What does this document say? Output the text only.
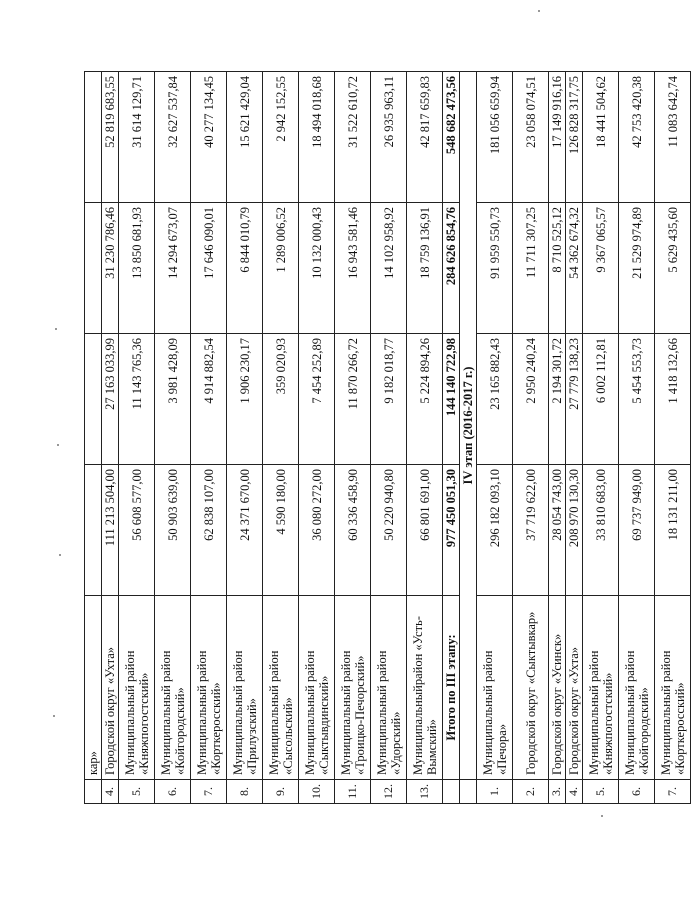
	кар»				
4.	Городской округ «Ухта»	111 213 504,00	27 163 033,99	31 230 786,46	52 819 683,55
5.	Муниципальный район «Княжпогостский»	56 608 577,00	11 143 765,36	13 850 681,93	31 614 129,71
6.	Муниципальный район «Койгородский»	50 903 639,00	3 981 428,09	14 294 673,07	32 627 537,84
7.	Муниципальный район «Корткеросский»	62 838 107,00	4 914 882,54	17 646 090,01	40 277 134,45
8.	Муниципальный район «Прилузский»	24 371 670,00	1 906 230,17	6 844 010,79	15 621 429,04
9.	Муниципальный район «Сысольский»	4 590 180,00	359 020,93	1 289 006,52	2 942 152,55
10.	Муниципальный район «Сыктывдинский»	36 080 272,00	7 454 252,89	10 132 000,43	18 494 018,68
11.	Муниципальный район «Троицко-Печорский»	60 336 458,90	11 870 266,72	16 943 581,46	31 522 610,72
12.	Муниципальный район «Удорский»	50 220 940,80	9 182 018,77	14 102 958,92	26 935 963,11
13.	Муниципальныйрайон «Усть-Вымский»	66 801 691,00	5 224 894,26	18 759 136,91	42 817 659,83
	Итого по III этапу:	977 450 051,30	144 140 722,98	284 626 854,76	548 682 473,56
	IV этап (2016-2017 г.)				
1.	Муниципальный район «Печора»	296 182 093,10	23 165 882,43	91 959 550,73	181 056 659,94
2.	Городской округ «Сыктывкар»	37 719 622,00	2 950 240,24	11 711 307,25	23 058 074,51
3.	Городской округ «Усинск»	28 054 743,00	2 194 301,72	8 710 525,12	17 149 916,16
4.	Городской округ «Ухта»	208 970 130,30	27 779 138,23	54 362 674,32	126 828 317,75
5.	Муниципальный район «Княжпогостский»	33 810 683,00	6 002 112,81	9 367 065,57	18 441 504,62
6.	Муниципальный район «Койгородский»	69 737 949,00	5 454 553,73	21 529 974,89	42 753 420,38
7.	Муниципальный район «Корткеросский»	18 131 211,00	1 418 132,66	5 629 435,60	11 083 642,74
